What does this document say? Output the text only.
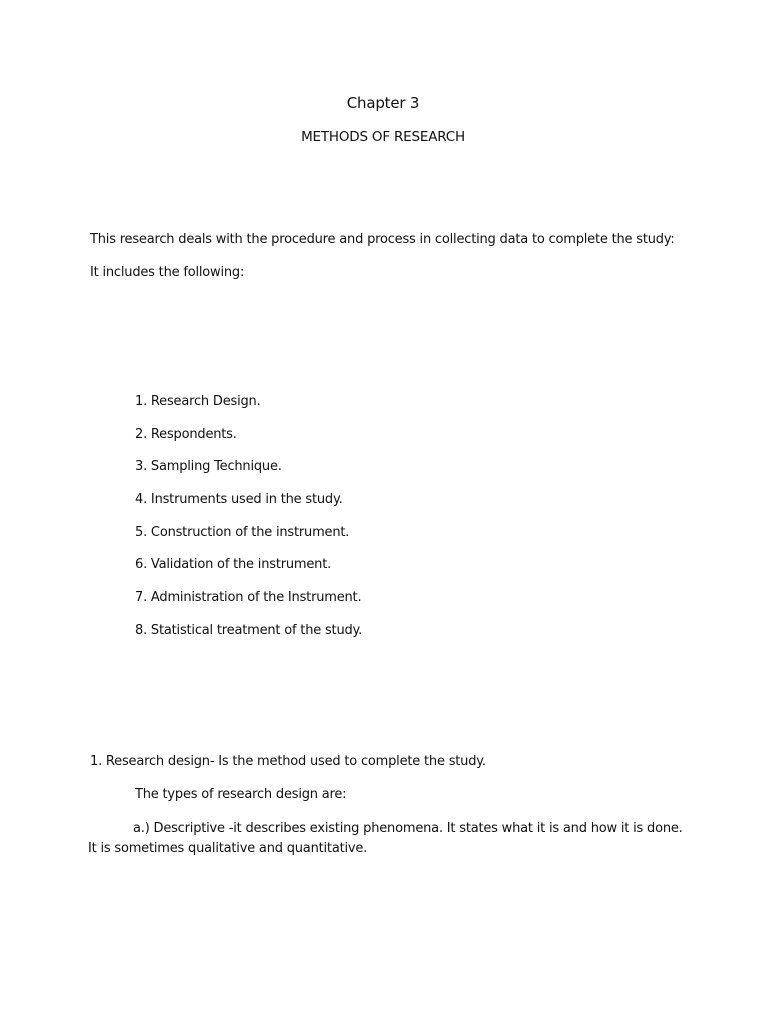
Chapter 3
METHODS OF RESEARCH
This research deals with the procedure and process in collecting data to complete the study:
It includes the following:
1. Research Design.
2. Respondents.
3. Sampling Technique.
4. Instruments used in the study.
5. Construction of the instrument.
6. Validation of the instrument.
7. Administration of the Instrument.
8. Statistical treatment of the study.
1. Research design- Is the method used to complete the study.
The types of research design are:
a.) Descriptive -it describes existing phenomena. It states what it is and how it is done. It is sometimes qualitative and quantitative.
